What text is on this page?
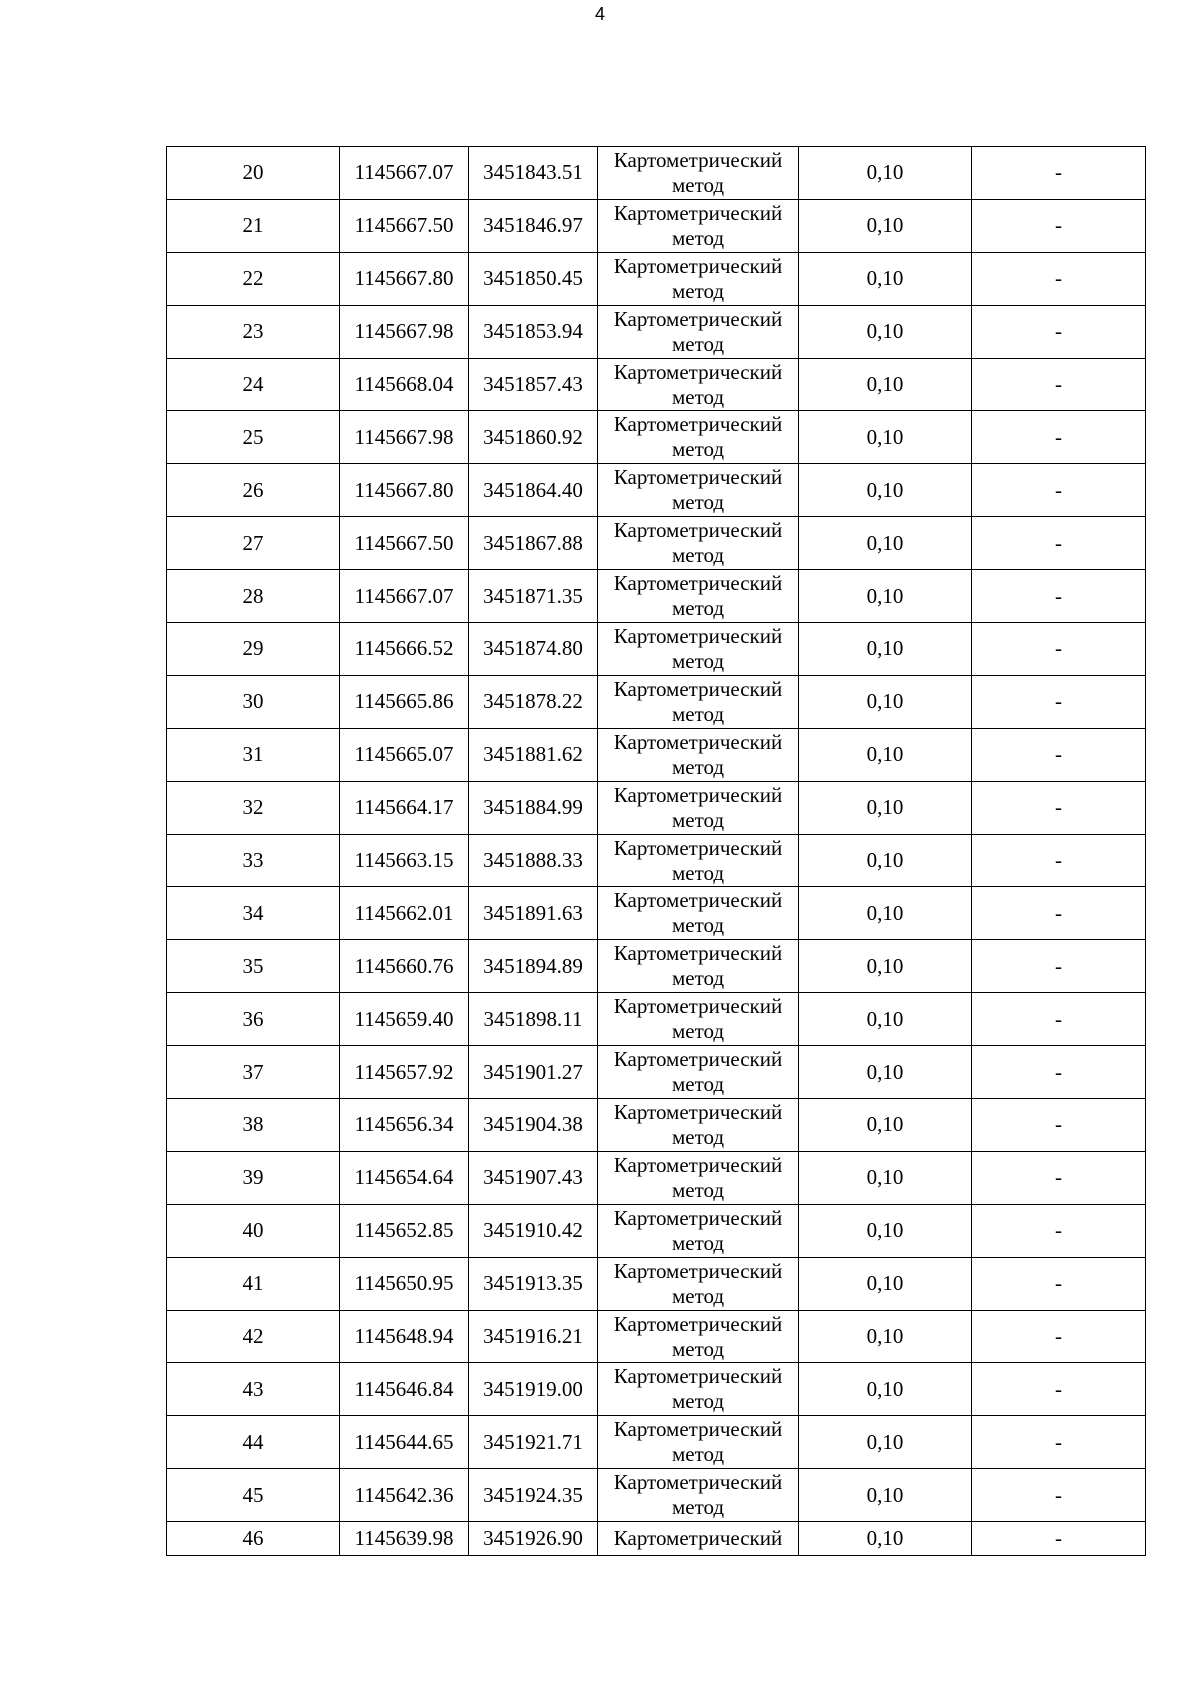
4
20	1145667.07	3451843.51	Картометрический
метод	0,10	-
21	1145667.50	3451846.97	Картометрический
метод	0,10	-
22	1145667.80	3451850.45	Картометрический
метод	0,10	-
23	1145667.98	3451853.94	Картометрический
метод	0,10	-
24	1145668.04	3451857.43	Картометрический
метод	0,10	-
25	1145667.98	3451860.92	Картометрический
метод	0,10	-
26	1145667.80	3451864.40	Картометрический
метод	0,10	-
27	1145667.50	3451867.88	Картометрический
метод	0,10	-
28	1145667.07	3451871.35	Картометрический
метод	0,10	-
29	1145666.52	3451874.80	Картометрический
метод	0,10	-
30	1145665.86	3451878.22	Картометрический
метод	0,10	-
31	1145665.07	3451881.62	Картометрический
метод	0,10	-
32	1145664.17	3451884.99	Картометрический
метод	0,10	-
33	1145663.15	3451888.33	Картометрический
метод	0,10	-
34	1145662.01	3451891.63	Картометрический
метод	0,10	-
35	1145660.76	3451894.89	Картометрический
метод	0,10	-
36	1145659.40	3451898.11	Картометрический
метод	0,10	-
37	1145657.92	3451901.27	Картометрический
метод	0,10	-
38	1145656.34	3451904.38	Картометрический
метод	0,10	-
39	1145654.64	3451907.43	Картометрический
метод	0,10	-
40	1145652.85	3451910.42	Картометрический
метод	0,10	-
41	1145650.95	3451913.35	Картометрический
метод	0,10	-
42	1145648.94	3451916.21	Картометрический
метод	0,10	-
43	1145646.84	3451919.00	Картометрический
метод	0,10	-
44	1145644.65	3451921.71	Картометрический
метод	0,10	-
45	1145642.36	3451924.35	Картометрический
метод	0,10	-
46	1145639.98	3451926.90	Картометрический	0,10	-
